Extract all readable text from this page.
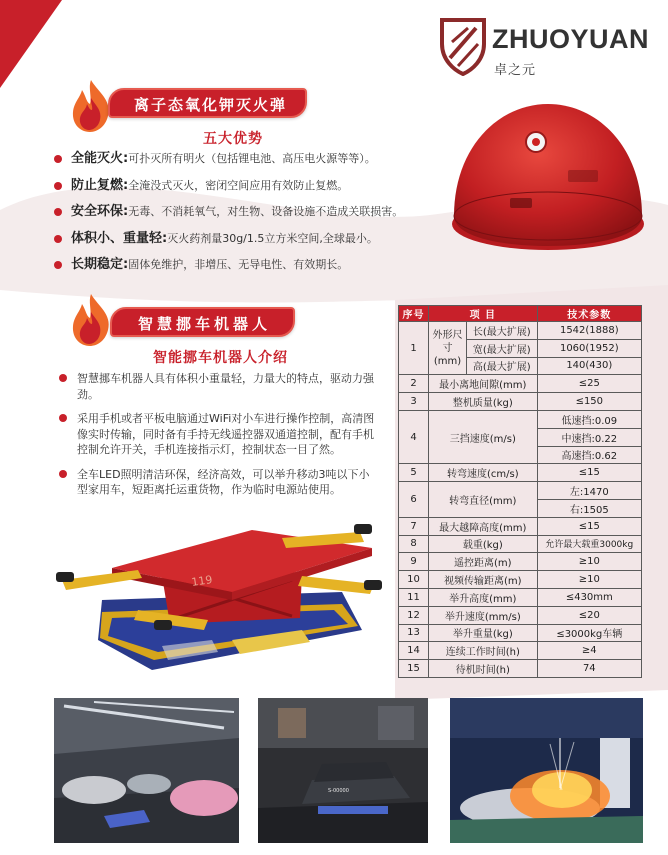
ZHUOYUAN
卓之元
离子态氧化钾灭火弹
五大优势
全能灭火: 可扑灭所有明火（包括锂电池、高压电火源等等）。
防止复燃: 全淹没式灭火，密闭空间应用有效防止复燃。
安全环保: 无毒、不消耗氧气，对生物、设备设施不造成关联损害。
体积小、重量轻: 灭火药剂量30g/1.5立方米空间,全球最小。
长期稳定: 固体免维护，非增压、无导电性、有效期长。
智慧挪车机器人
智能挪车机器人介绍
智慧挪车机器人具有体积小重量轻，力量大的特点，驱动力强劲。
采用手机或者平板电脑通过WiFi对小车进行操作控制，高清图像实时传输，同时备有手持无线遥控器双通道控制，配有手机控制允许开关，手机连接指示灯，控制状态一目了然。
全车LED照明清洁环保，经济高效，可以举升移动3吨以下小型家用车，短距离托运重货物，作为临时电源站使用。
119
序号	项 目		技术参数
1	外形尺寸(mm)	长(最大扩展)	1542(1888)
		宽(最大扩展)	1060(1952)
		高(最大扩展)	140(430)
2	最小离地间隙(mm)		≤25
3	整机质量(kg)		≤150
4	三挡速度(m/s)		低速挡:0.09
			中速挡:0.22
			高速挡:0.62
5	转弯速度(cm/s)		≤15
6	转弯直径(mm)		左:1470
			右:1505
7	最大越障高度(mm)		≤15
8	载重(kg)		允许最大载重3000kg
9	遥控距离(m)		≥10
10	视频传输距离(m)		≥10
11	举升高度(mm)		≤430mm
12	举升速度(mm/s)		≤20
13	举升重量(kg)		≤3000kg车辆
14	连续工作时间(h)		≥4
15	待机时间(h)		74
S-00000
